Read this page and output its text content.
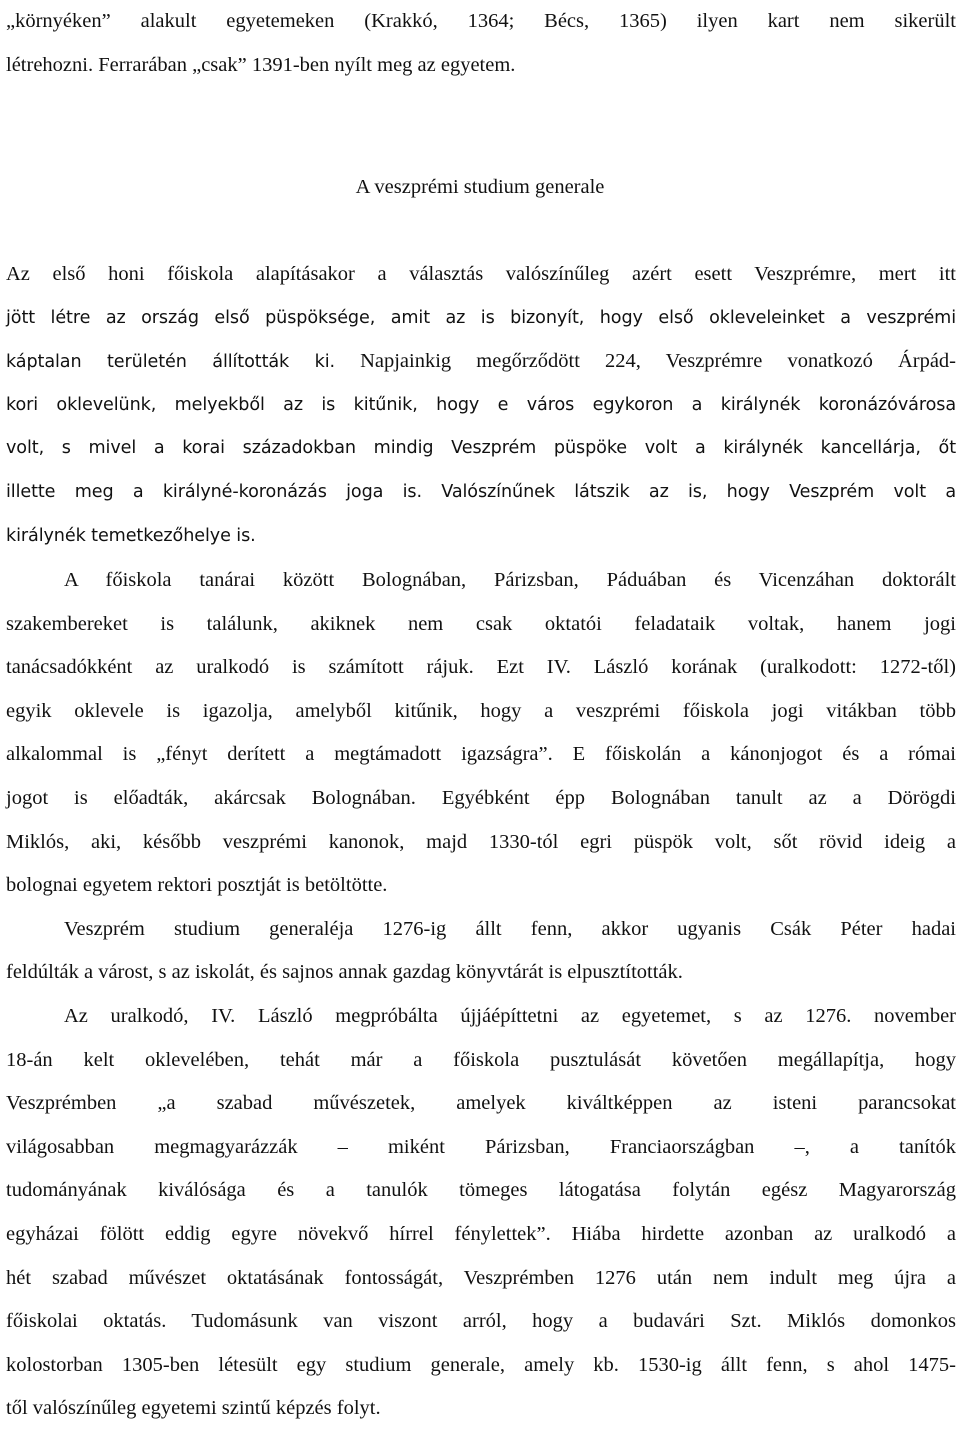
„környéken” alakult egyetemeken (Krakkó, 1364; Bécs, 1365) ilyen kart nem sikerült

létrehozni. Ferrarában „csak” 1391-ben nyílt meg az egyetem.

Az első honi főiskola alapításakor a választás valószínűleg azért esett Veszprémre, mert itt

jött létre az ország első püspöksége, amit az is bizonyít, hogy első okleveleinket a veszprémi

káptalan területén állították ki. Napjainkig megőrződött 224, Veszprémre vonatkozó Árpád-

kori oklevelünk, melyekből az is kitűnik, hogy e város egykoron a királynék koronázóvárosa

volt, s mivel a korai századokban mindig Veszprém püspöke volt a királynék kancellárja, őt

illette meg a királyné-koronázás joga is. Valószínűnek látszik az is, hogy Veszprém volt a

királynék temetkezőhelye is.

A főiskola tanárai között Bolognában, Párizsban, Páduában és Vicenzáhan doktorált

szakembereket is találunk, akiknek nem csak oktatói feladataik voltak, hanem jogi

tanácsadókként az uralkodó is számított rájuk. Ezt IV. László korának (uralkodott: 1272-től)

egyik oklevele is igazolja, amelyből kitűnik, hogy a veszprémi főiskola jogi vitákban több

alkalommal is „fényt derített a megtámadott igazságra”. E főiskolán a kánonjogot és a római

jogot is előadták, akárcsak Bolognában. Egyébként épp Bolognában tanult az a Dörögdi

Miklós, aki, később veszprémi kanonok, majd 1330-tól egri püspök volt, sőt rövid ideig a

bolognai egyetem rektori posztját is betöltötte.

Veszprém studium generaléja 1276-ig állt fenn, akkor ugyanis Csák Péter hadai

feldúlták a várost, s az iskolát, és sajnos annak gazdag könyvtárát is elpusztították.

Az uralkodó, IV. László megpróbálta újjáépíttetni az egyetemet, s az 1276. november

18-án kelt oklevelében, tehát már a főiskola pusztulását követően megállapítja, hogy

Veszprémben „a szabad művészetek, amelyek kiváltképpen az isteni parancsokat

világosabban megmagyarázzák – miként Párizsban, Franciaországban –, a tanítók

tudományának kiválósága és a tanulók tömeges látogatása folytán egész Magyarország

egyházai fölött eddig egyre növekvő hírrel fénylettek”. Hiába hirdette azonban az uralkodó a

hét szabad művészet oktatásának fontosságát, Veszprémben 1276 után nem indult meg újra a

főiskolai oktatás. Tudomásunk van viszont arról, hogy a budavári Szt. Miklós domonkos

kolostorban 1305-ben létesült egy studium generale, amely kb. 1530-ig állt fenn, s ahol 1475-

től valószínűleg egyetemi szintű képzés folyt.

A veszprémi studium generale
